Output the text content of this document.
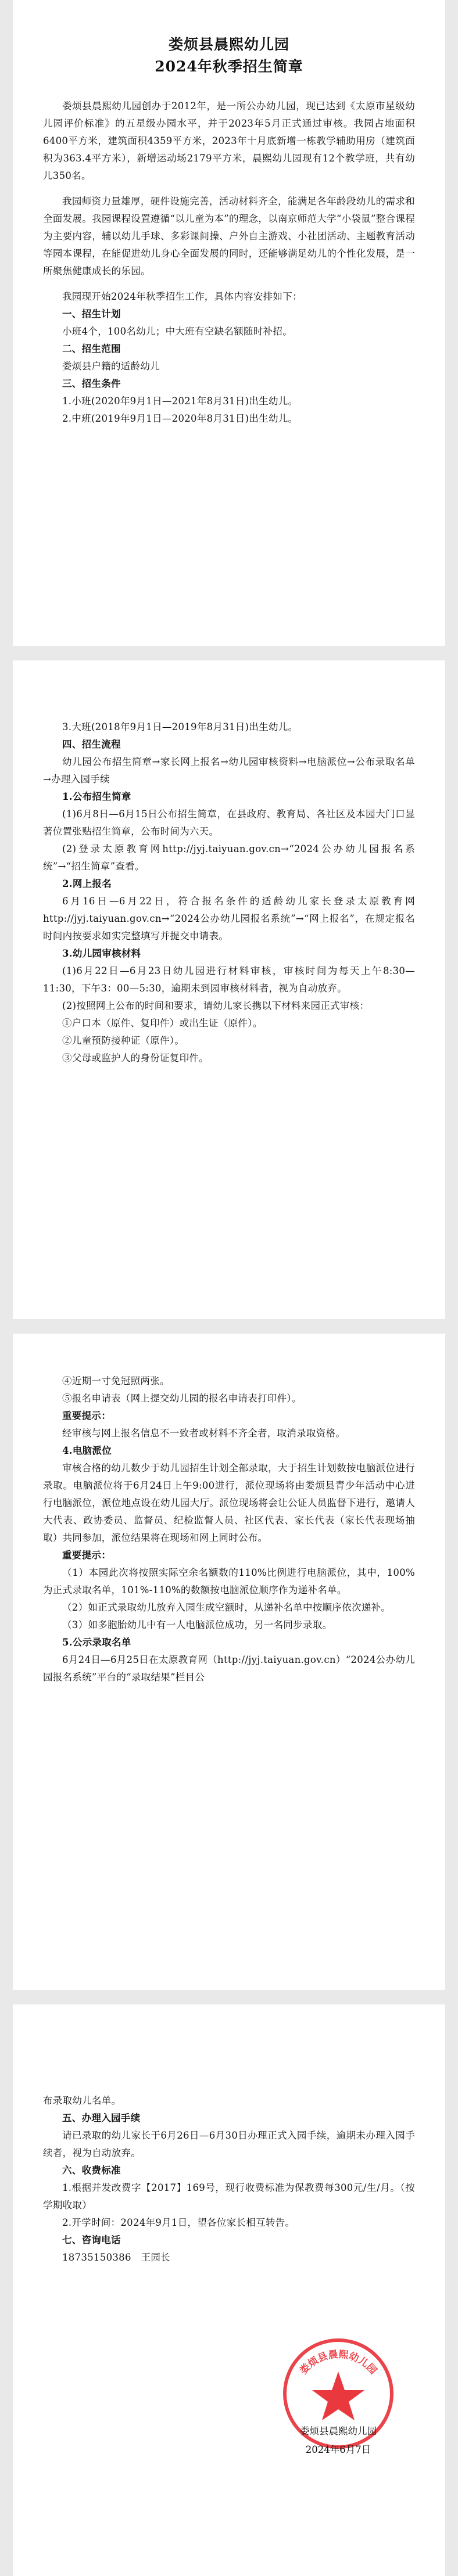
娄烦县晨熙幼儿园
2024年秋季招生简章

娄烦县晨熙幼儿园创办于2012年，是一所公办幼儿园，现已达到《太原市星级幼儿园评价标准》的五星级办园水平，并于2023年5月正式通过审核。我园占地面积6400平方米，建筑面积4359平方米，2023年十月底新增一栋教学辅助用房（建筑面积为363.4平方米），新增运动场2179平方米，晨熙幼儿园现有12个教学班，共有幼儿350名。

我园师资力量雄厚，硬件设施完善，活动材料齐全，能满足各年龄段幼儿的需求和全面发展。我园课程设置遵循“以儿童为本”的理念，以南京师范大学“小袋鼠”整合课程为主要内容，辅以幼儿手球、多彩课间操、户外自主游戏、小社团活动、主题教育活动等园本课程，在能促进幼儿身心全面发展的同时，还能够满足幼儿的个性化发展，是一所聚焦健康成长的乐园。

我园现开始2024年秋季招生工作，具体内容安排如下：

一、招生计划

小班4个，100名幼儿；中大班有空缺名额随时补招。

二、招生范围

娄烦县户籍的适龄幼儿

三、招生条件

1.小班(2020年9月1日—2021年8月31日)出生幼儿。

2.中班(2019年9月1日—2020年8月31日)出生幼儿。

3.大班(2018年9月1日—2019年8月31日)出生幼儿。

四、招生流程

幼儿园公布招生简章→家长网上报名→幼儿园审核资料→电脑派位→公布录取名单→办理入园手续

1.公布招生简章

(1)6月8日—6月15日公布招生简章，在县政府、教育局、各社区及本园大门口显著位置张贴招生简章，公布时间为六天。

(2)登录太原教育网http://jyj.taiyuan.gov.cn→“2024公办幼儿园报名系统”→“招生简章”查看。

2.网上报名

6月16日—6月22日，符合报名条件的适龄幼儿家长登录太原教育网http://jyj.taiyuan.gov.cn→“2024公办幼儿园报名系统”→“网上报名”，在规定报名时间内按要求如实完整填写并提交申请表。

3.幼儿园审核材料

(1)6月22日—6月23日幼儿园进行材料审核，审核时间为每天上午8:30—11:30，下午3：00—5:30，逾期未到园审核材料者，视为自动放弃。

(2)按照网上公布的时间和要求，请幼儿家长携以下材料来园正式审核：

①户口本（原件、复印件）或出生证（原件）。

②儿童预防接种证（原件）。

③父母或监护人的身份证复印件。

④近期一寸免冠照两张。

⑤报名申请表（网上提交幼儿园的报名申请表打印件）。

重要提示：

经审核与网上报名信息不一致者或材料不齐全者，取消录取资格。

4.电脑派位

审核合格的幼儿数少于幼儿园招生计划全部录取，大于招生计划数按电脑派位进行录取。电脑派位将于6月24日上午9:00进行，派位现场将由娄烦县青少年活动中心进行电脑派位，派位地点设在幼儿园大厅。派位现场将会让公证人员监督下进行，邀请人大代表、政协委员、监督员、纪检监督人员、社区代表、家长代表（家长代表现场抽取）共同参加，派位结果将在现场和网上同时公布。

重要提示：

（1）本园此次将按照实际空余名额数的110%比例进行电脑派位，其中，100%为正式录取名单，101%-110%的数额按电脑派位顺序作为递补名单。

（2）如正式录取幼儿放弃入园生成空额时，从递补名单中按顺序依次递补。

（3）如多胞胎幼儿中有一人电脑派位成功，另一名同步录取。

5.公示录取名单

6月24日—6月25日在太原教育网（http://jyj.taiyuan.gov.cn）“2024公办幼儿园报名系统”平台的“录取结果”栏目公

布录取幼儿名单。

五、办理入园手续

请已录取的幼儿家长于6月26日—6月30日办理正式入园手续，逾期未办理入园手续者，视为自动放弃。

六、收费标准

1.根据并发改费字【2017】169号，现行收费标准为保教费每300元/生/月。（按学期收取）

2.开学时间：2024年9月1日，望各位家长相互转告。

七、咨询电话

18735150386　王园长

娄烦县晨熙幼儿园
娄烦县晨熙幼儿园
2024年6月7日
